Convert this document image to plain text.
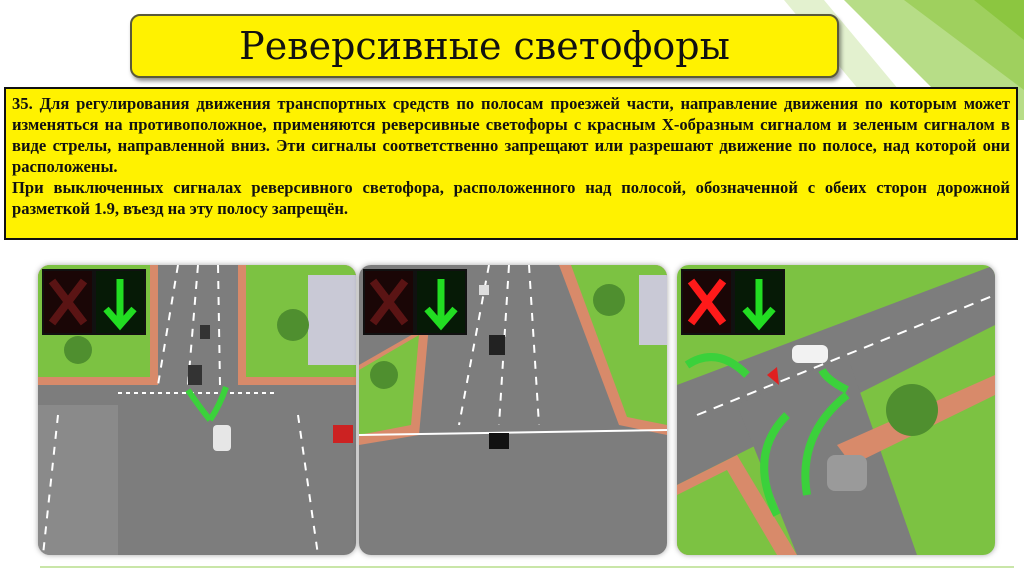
Реверсивные светофоры

35. Для регулирования движения транспортных средств по полосам проезжей части, направление движения по которым может изменяться на противоположное, применяются реверсивные светофоры с красным Х-образным сигналом и зеленым сигналом в виде стрелы, направленной вниз. Эти сигналы соответственно запрещают или разрешают движение по полосе, над которой они расположены.

При выключенных сигналах реверсивного светофора, расположенного над полосой, обозначенной с обеих сторон дорожной разметкой 1.9, въезд на эту полосу запрещён.
